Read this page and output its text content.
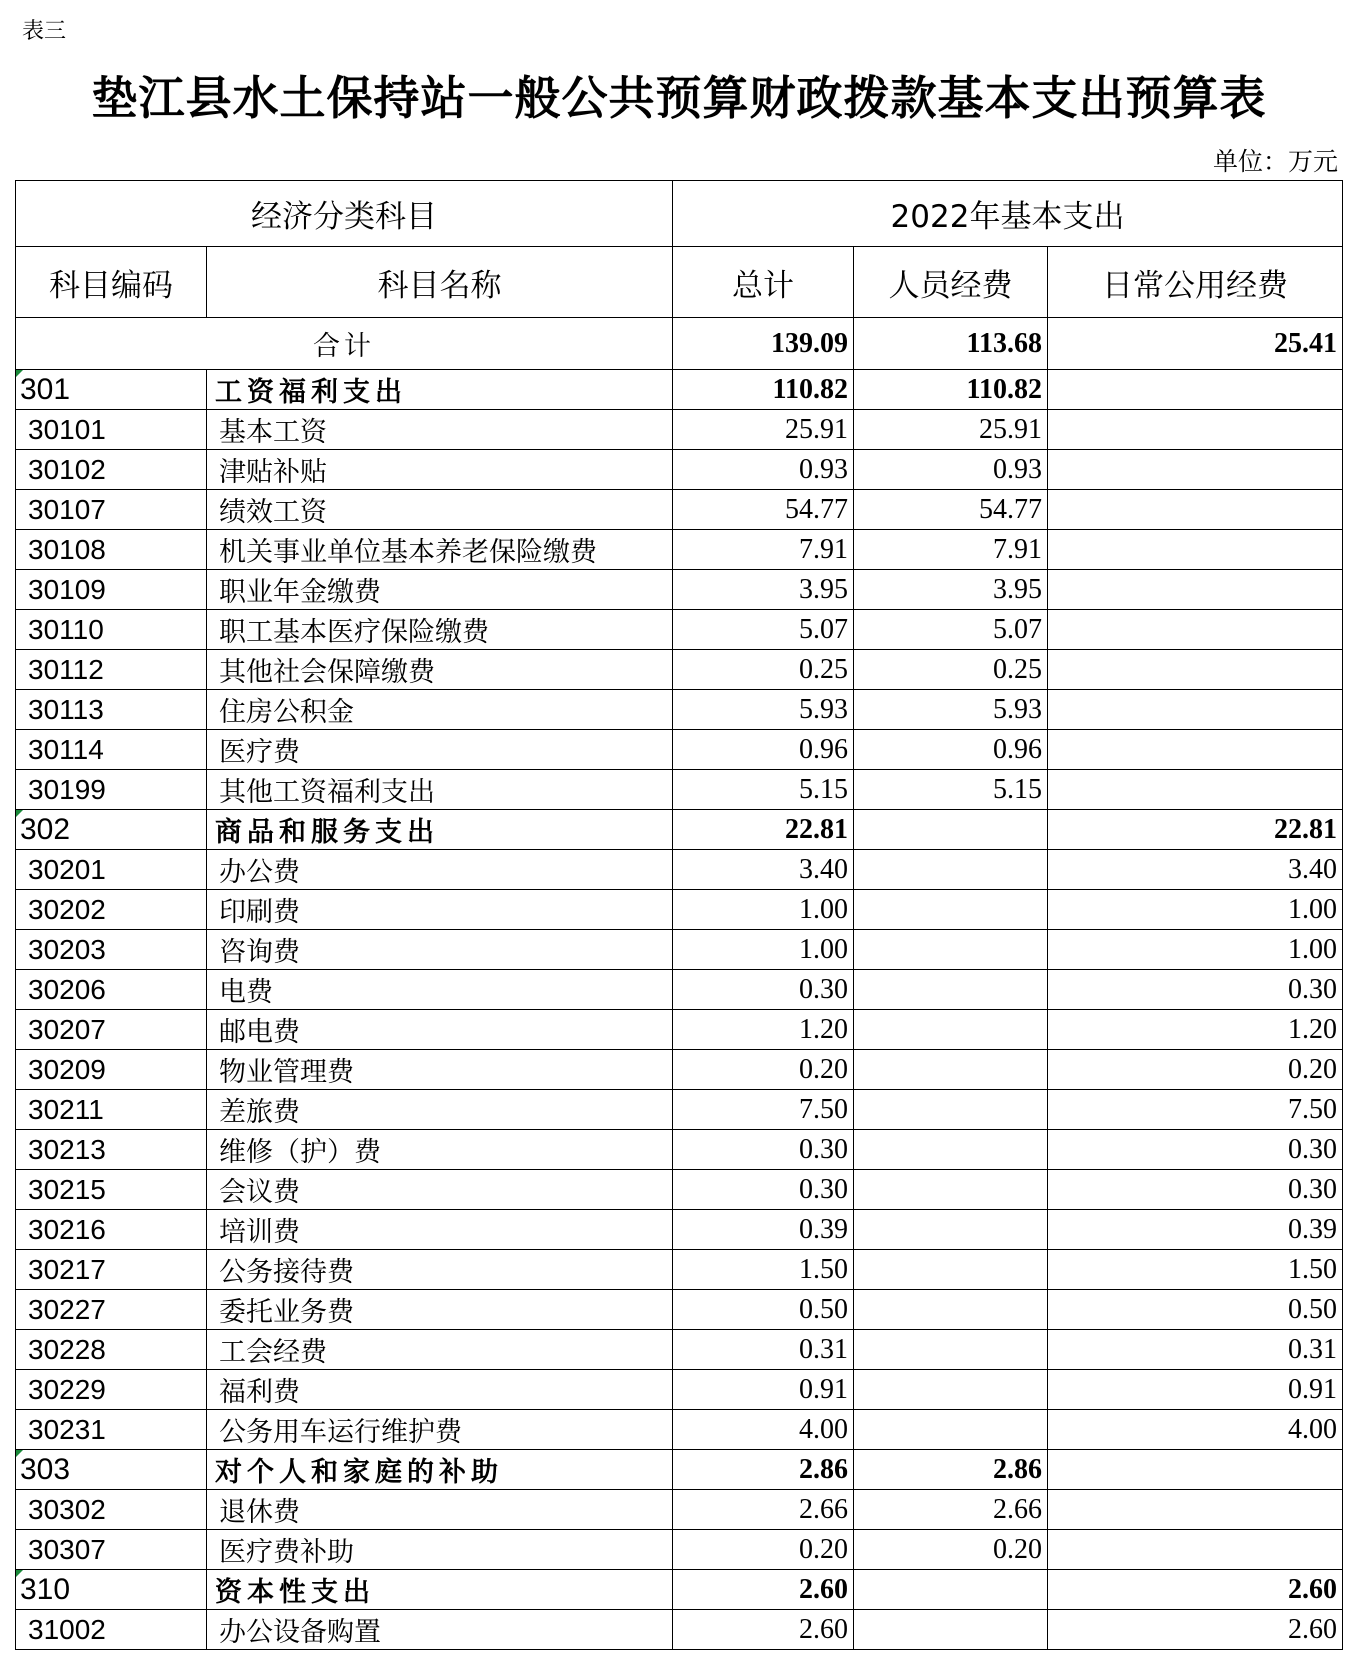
表三
垫江县水土保持站一般公共预算财政拨款基本支出预算表
单位：万元
经济分类科目		2022年基本支出		
科目编码	科目名称	总计	人员经费	日常公用经费
合计		139.09	113.68	25.41
301	工资福利支出	110.82	110.82	
30101	基本工资	25.91	25.91	
30102	津贴补贴	0.93	0.93	
30107	绩效工资	54.77	54.77	
30108	机关事业单位基本养老保险缴费	7.91	7.91	
30109	职业年金缴费	3.95	3.95	
30110	职工基本医疗保险缴费	5.07	5.07	
30112	其他社会保障缴费	0.25	0.25	
30113	住房公积金	5.93	5.93	
30114	医疗费	0.96	0.96	
30199	其他工资福利支出	5.15	5.15	
302	商品和服务支出	22.81		22.81
30201	办公费	3.40		3.40
30202	印刷费	1.00		1.00
30203	咨询费	1.00		1.00
30206	电费	0.30		0.30
30207	邮电费	1.20		1.20
30209	物业管理费	0.20		0.20
30211	差旅费	7.50		7.50
30213	维修（护）费	0.30		0.30
30215	会议费	0.30		0.30
30216	培训费	0.39		0.39
30217	公务接待费	1.50		1.50
30227	委托业务费	0.50		0.50
30228	工会经费	0.31		0.31
30229	福利费	0.91		0.91
30231	公务用车运行维护费	4.00		4.00
303	对个人和家庭的补助	2.86	2.86	
30302	退休费	2.66	2.66	
30307	医疗费补助	0.20	0.20	
310	资本性支出	2.60		2.60
31002	办公设备购置	2.60		2.60
